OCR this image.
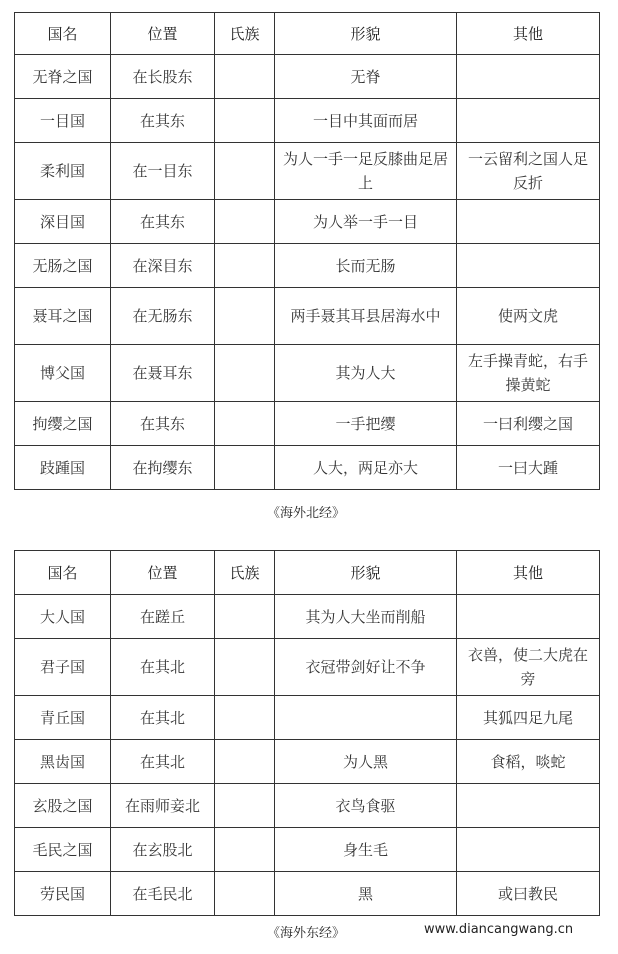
国名	位置	氏族	形貌	其他
无脊之国	在长股东		无脊	
一目国	在其东		一目中其面而居	
柔利国	在一目东		为人一手一足反膝曲足居上	一云留利之国人足反折
深目国	在其东		为人举一手一目	
无肠之国	在深目东		长而无肠	
聂耳之国	在无肠东		两手聂其耳县居海水中	使两文虎
博父国	在聂耳东		其为人大	左手操青蛇，右手操黄蛇
拘缨之国	在其东		一手把缨	一曰利缨之国
跂踵国	在拘缨东		人大，两足亦大	一曰大踵
《海外北经》
国名	位置	氏族	形貌	其他
大人国	在蹉丘		其为人大坐而削船	
君子国	在其北		衣冠带剑好让不争	衣兽，使二大虎在旁
青丘国	在其北			其狐四足九尾
黑齿国	在其北		为人黑	食稻，啖蛇
玄股之国	在雨师妾北		衣鸟食驱	
毛民之国	在玄股北		身生毛	
劳民国	在毛民北		黑	或曰教民
《海外东经》	www.diancangwang.cn
